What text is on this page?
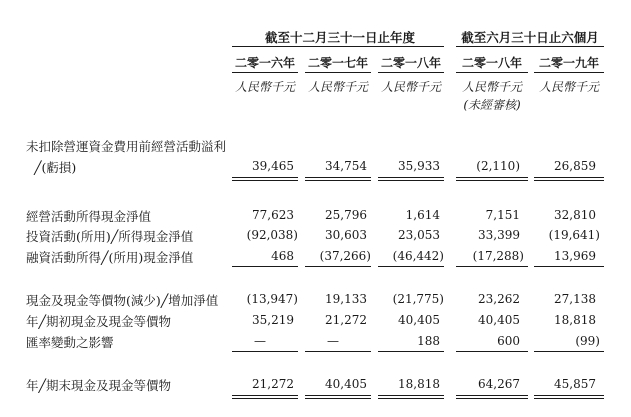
截至十二月三十一日止年度	截至六月三十日止六個月
二零一六年 二零一七年 二零一八年	二零一八年	二零一九年
人民幣千元 人民幣千元 人民幣千元	人民幣千元	人民幣千元
(未經審核)
未扣除營運資金費用前經營活動溢利
╱(虧損)	39,465	34,754	35,933	(2,110)	26,859
經營活動所得現金淨值	77,623	25,796	1,614	7,151	32,810
投資活動(所用)╱所得現金淨值	(92,038)	30,603	23,053	33,399	(19,641)
融資活動所得╱(所用)現金淨值	468	(37,266)	(46,442)	(17,288)	13,969
現金及現金等價物(減少)╱增加淨值	(13,947)	19,133	(21,775)	23,262	27,138
年╱期初現金及現金等價物	35,219	21,272	40,405	40,405	18,818
匯率變動之影響	—	—	188	600	(99)
年╱期末現金及現金等價物	21,272	40,405	18,818	64,267	45,857
